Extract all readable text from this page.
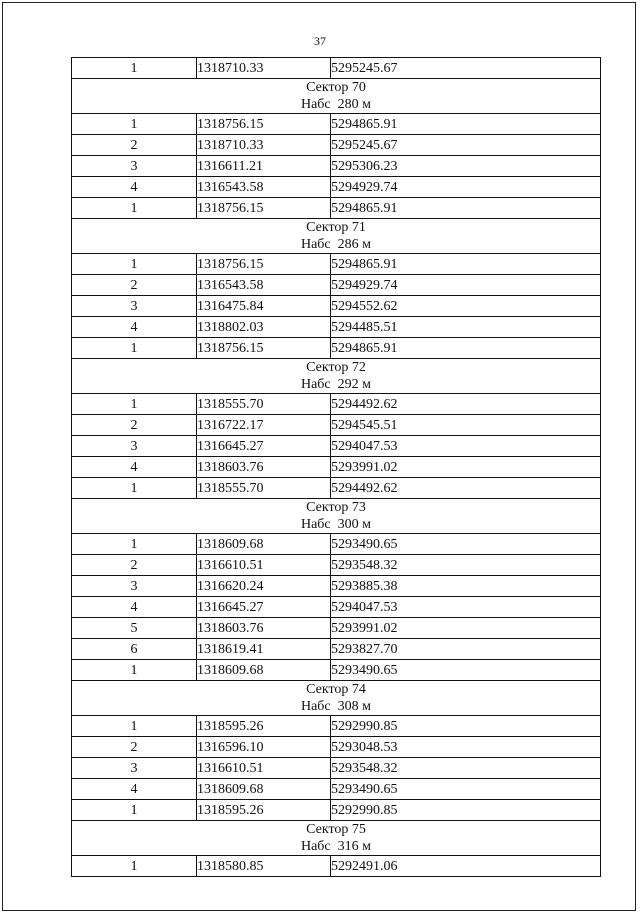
37
1	1318710.33	5295245.67

Сектор 70
Набс  280 м		

1	1318756.15	5294865.91
2	1318710.33	5295245.67
3	1316611.21	5295306.23
4	1316543.58	5294929.74
1	1318756.15	5294865.91

Сектор 71
Набс  286 м		

1	1318756.15	5294865.91
2	1316543.58	5294929.74
3	1316475.84	5294552.62
4	1318802.03	5294485.51
1	1318756.15	5294865.91

Сектор 72
Набс  292 м		

1	1318555.70	5294492.62
2	1316722.17	5294545.51
3	1316645.27	5294047.53
4	1318603.76	5293991.02
1	1318555.70	5294492.62

Сектор 73
Набс  300 м		

1	1318609.68	5293490.65
2	1316610.51	5293548.32
3	1316620.24	5293885.38
4	1316645.27	5294047.53
5	1318603.76	5293991.02
6	1318619.41	5293827.70
1	1318609.68	5293490.65

Сектор 74
Набс  308 м		

1	1318595.26	5292990.85
2	1316596.10	5293048.53
3	1316610.51	5293548.32
4	1318609.68	5293490.65
1	1318595.26	5292990.85

Сектор 75
Набс  316 м		

1	1318580.85	5292491.06
